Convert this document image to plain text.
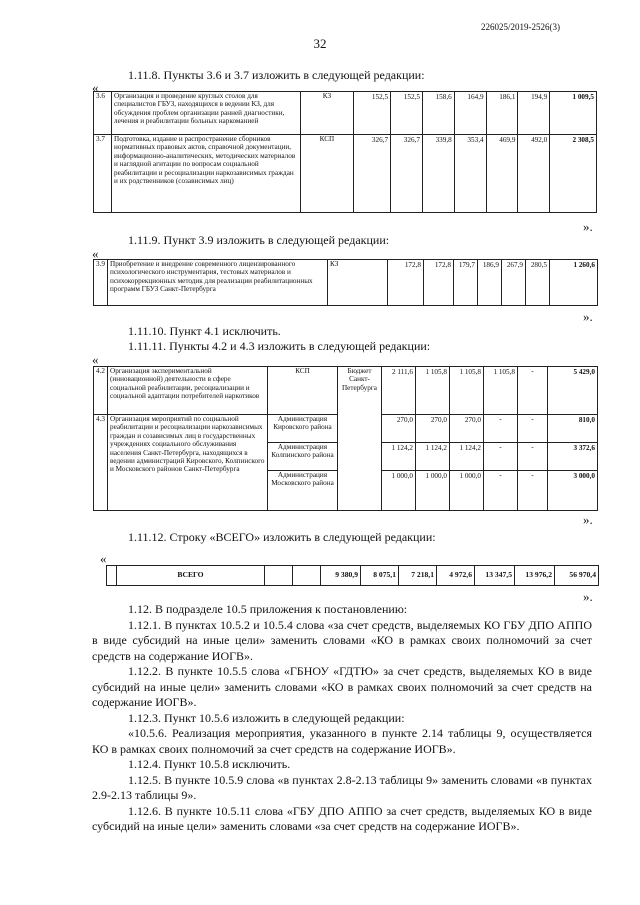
226025/2019-2526(3)
32
1.11.8. Пункты 3.6 и 3.7 изложить в следующей редакции:
«
3.6	Организация и проведение круглых столов для специалистов ГБУЗ, находящихся в ведении КЗ, для обсуждения проблем организации ранней диагностики, лечения и реабилитации больных наркоманией	КЗ	152,5	152,5	158,6	164,9	186,1	194,9	1 009,5
3.7	Подготовка, издание и распространение сборников нормативных правовых актов, справочной документации, информационно-аналитических, методических материалов и наглядной агитации по вопросам социальной реабилитации и ресоциализации наркозависимых граждан и их родственников (созависимых лиц)	КСП	326,7	326,7	339,8	353,4	469,9	492,0	2 308,5
».
1.11.9. Пункт 3.9 изложить в следующей редакции:
«
3.9	Приобретение и внедрение современного лицензированного психологического инструментария, тестовых материалов и психокоррекционных методик для реализации реабилитационных программ ГБУЗ Санкт-Петербурга	КЗ	172,8	172,8	179,7	186,9	267,9	280,5	1 260,6
».
1.11.10. Пункт 4.1 исключить.
1.11.11. Пункты 4.2 и 4.3 изложить в следующей редакции:
«
4.2	Организация экспериментальной (инновационной) деятельности в сфере социальной реабилитации, ресоциализации и социальной адаптации потребителей наркотиков	КСП	Бюджет Санкт-Петербурга	2 111,6	1 105,8	1 105,8	1 105,8	-	5 429,0
4.3	Организация мероприятий по социальной реабилитации и ресоциализации наркозависимых граждан и созависимых лиц в государственных учреждениях социального обслуживания населения Санкт-Петербурга, находящихся в ведении администраций Кировского, Колпинского и Московского районов Санкт-Петербурга	Администрация Кировского района		270,0	270,0	270,0	-	-	810,0
		Администрация Колпинского района		1 124,2	1 124,2	1 124,2	-	-	3 372,6
		Администрация Московского района		1 000,0	1 000,0	1 000,0	-	-	3 000,0
».
1.11.12. Строку «ВСЕГО» изложить в следующей редакции:
«
	ВСЕГО			9 380,9	8 075,1	7 218,1	4 972,6	13 347,5	13 976,2	56 970,4
».

1.12. В подразделе 10.5 приложения к постановлению:

1.12.1. В пунктах 10.5.2 и 10.5.4 слова «за счет средств, выделяемых КО ГБУ ДПО АППО в виде субсидий на иные цели» заменить словами «КО в рамках своих полномочий за счет средств на содержание ИОГВ».

1.12.2. В пункте 10.5.5 слова «ГБНОУ «ГДТЮ» за счет средств, выделяемых КО в виде субсидий на иные цели» заменить словами «КО в рамках своих полномочий за счет средств на содержание ИОГВ».

1.12.3. Пункт 10.5.6 изложить в следующей редакции:

«10.5.6. Реализация мероприятия, указанного в пункте 2.14 таблицы 9, осуществляется КО в рамках своих полномочий за счет средств на содержание ИОГВ».

1.12.4. Пункт 10.5.8 исключить.

1.12.5. В пункте 10.5.9 слова «в пунктах 2.8-2.13 таблицы 9» заменить словами «в пунктах 2.9-2.13 таблицы 9».

1.12.6. В пункте 10.5.11 слова «ГБУ ДПО АППО за счет средств, выделяемых КО в виде субсидий на иные цели» заменить словами «за счет средств на содержание ИОГВ».
